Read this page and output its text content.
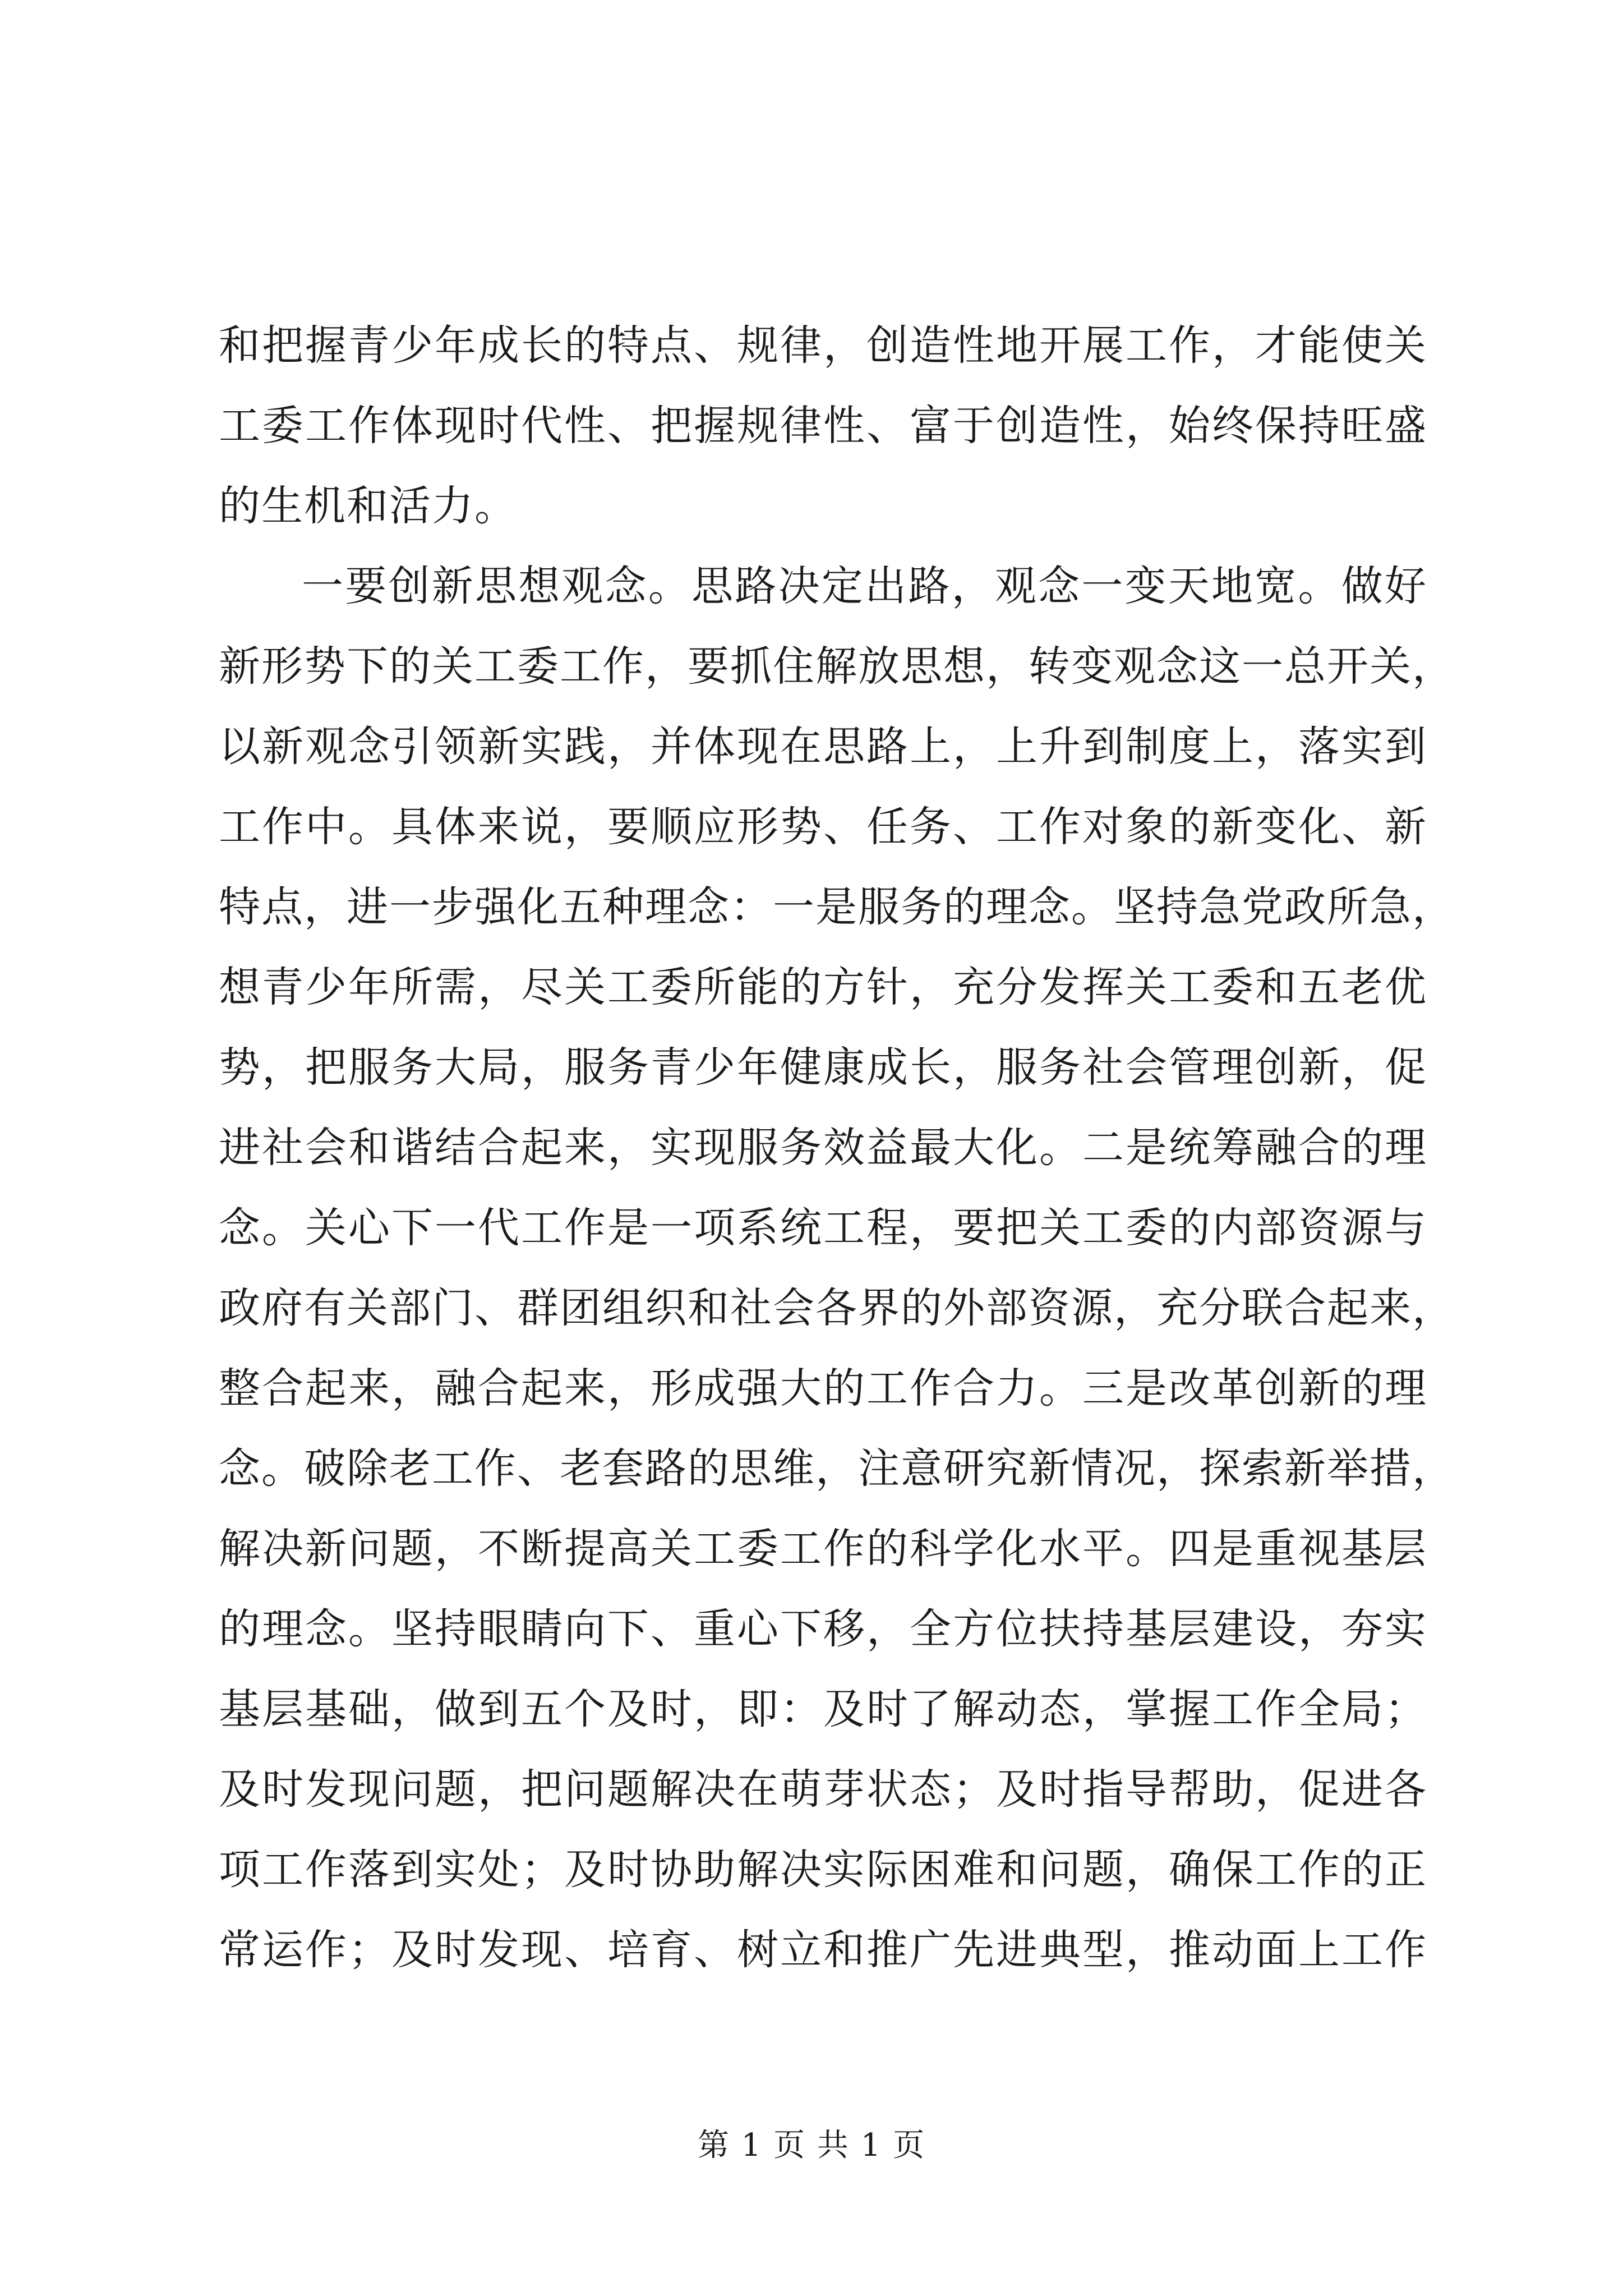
和把握青少年成长的特点、规律，创造性地开展工作，才能使关
工委工作体现时代性、把握规律性、富于创造性，始终保持旺盛
的生机和活力。
一要创新思想观念。思路决定出路，观念一变天地宽。做好
新形势下的关工委工作，要抓住解放思想，转变观念这一总开关，
以新观念引领新实践，并体现在思路上，上升到制度上，落实到
工作中。具体来说，要顺应形势、任务、工作对象的新变化、新
特点，进一步强化五种理念：一是服务的理念。坚持急党政所急，
想青少年所需，尽关工委所能的方针，充分发挥关工委和五老优
势，把服务大局，服务青少年健康成长，服务社会管理创新，促
进社会和谐结合起来，实现服务效益最大化。二是统筹融合的理
念。关心下一代工作是一项系统工程，要把关工委的内部资源与
政府有关部门、群团组织和社会各界的外部资源，充分联合起来，
整合起来，融合起来，形成强大的工作合力。三是改革创新的理
念。破除老工作、老套路的思维，注意研究新情况，探索新举措，
解决新问题，不断提高关工委工作的科学化水平。四是重视基层
的理念。坚持眼睛向下、重心下移，全方位扶持基层建设，夯实
基层基础，做到五个及时，即：及时了解动态，掌握工作全局；
及时发现问题，把问题解决在萌芽状态；及时指导帮助，促进各
项工作落到实处；及时协助解决实际困难和问题，确保工作的正
常运作；及时发现、培育、树立和推广先进典型，推动面上工作
第 1 页 共 1 页
